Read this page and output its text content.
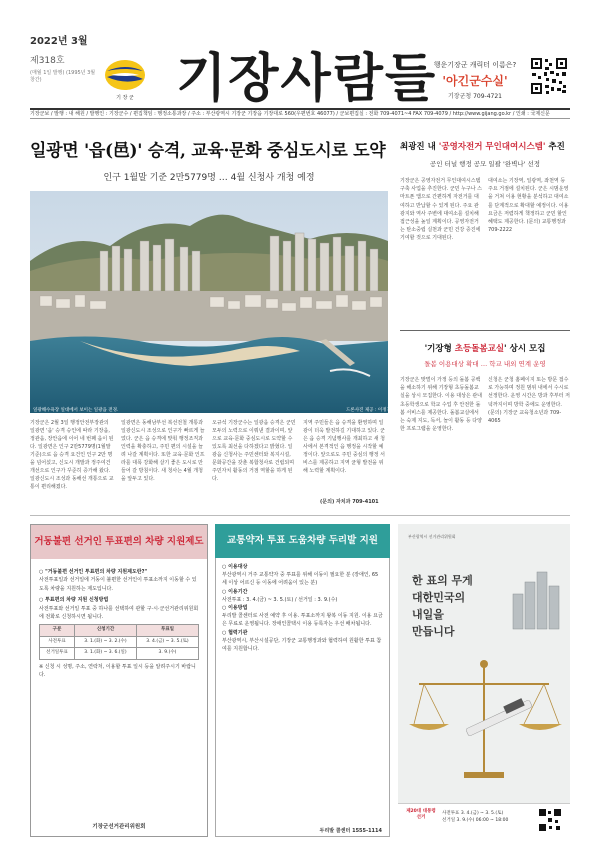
2022년 3월
제318호
(매월 1일 발행) (1995년 3월 창간)
기 장 군 기장사람들
행운기장군 캐릭터 이름은?
'아긴군수실'
기장군청 709-4721
기장군보 / 발행 : 내 해원 / 발행인 : 기장군수 / 편집책임 : 행정소통과장 / 주소 : 부산광역시 기장군 기장읍 기장대로 560(우편번호 46077) / 군보편집실 : 전화 709-4071~4 FAX 709-4079 / http://www.gijang.go.kr / 인쇄 : 국제신문
일광면 '읍(邑)' 승격, 교육·문화 중심도시로 도약
인구 1월말 기준 2만5779명 … 4월 신청사 개청 예정
일광해수욕장 일대에서 보이는 일광읍 전경.	드론사진 제공 : 이정기
기장군은 2월 3일 행정안전부장관의 일광면 '읍' 승격 승인에 따라 기장읍, 정관읍, 장안읍에 이어 네 번째 읍이 된다. 일광면은 인구 2만5779명(1월말 기준)으로 읍 승격 요건인 인구 2만 명을 넘어섰고, 신도시 개발과 정주여건 개선으로 인구가 꾸준히 증가해 왔다. 일광신도시 조성과 동해선 개통으로 교통이 편리해졌다.
일광면은 동해남부선 복선전철 개통과 일광신도시 조성으로 인구가 빠르게 늘었다. 군은 읍 승격에 맞춰 행정조직과 인력을 확충하고, 주민 편의 시설을 늘려 나갈 계획이다. 또한 교육·문화 인프라를 대폭 강화해 살기 좋은 도시로 만들어 갈 방침이다. 새 청사는 4월 개청을 앞두고 있다.
오규석 기장군수는 일광읍 승격은 군민 모두의 노력으로 이뤄낸 결과이며, 앞으로 교육·문화 중심도시로 도약할 수 있도록 최선을 다하겠다고 밝혔다. 일광읍 신청사는 주민센터와 복지시설, 문화공간을 갖춘 복합청사로 건립되며 주민자치 활동의 거점 역할을 하게 된다.
지역 주민들은 읍 승격을 환영하며 일광이 더욱 발전하길 기대하고 있다. 군은 읍 승격 기념행사를 개최하고 새 청사에서 본격적인 읍 행정을 시작할 예정이다. 앞으로도 주민 중심의 행정 서비스를 제공하고 지역 균형 발전을 위해 노력할 계획이다.
(문의) 자치과 709-4101
최광진 내 '공영자전거 무인대여시스템' 추진
공인 터널 행정 공모 일괄 '완벽나' 선정
기장군은 공영자전거 무인대여시스템 구축 사업을 추진한다. 군민 누구나 스마트폰 앱으로 간편하게 자전거를 대여하고 반납할 수 있게 된다. 주요 관광지와 역사 주변에 대여소를 설치해 접근성을 높일 계획이다. 공영자전거는 탄소중립 실천과 군민 건강 증진에 기여할 것으로 기대된다.
대여소는 기장역, 일광역, 좌천역 등 주요 거점에 설치된다. 군은 시범운영을 거쳐 이용 현황을 분석하고 대여소를 단계적으로 확대할 예정이다. 이용 요금은 저렴하게 책정하고 군민 할인 혜택도 제공한다. (문의) 교통행정과 709-2222
'기장형 초등돌봄교실' 상시 모집
돌봄 이용대상 확대 … 학교 내외 연계 운영
기장군은 맞벌이 가정 등의 돌봄 공백을 해소하기 위해 기장형 초등돌봄교실을 상시 모집한다. 이용 대상은 관내 초등학생으로 학교 수업 후 안전한 돌봄 서비스를 제공한다. 돌봄교실에서는 숙제 지도, 독서, 놀이 활동 등 다양한 프로그램을 운영한다.
신청은 군청 홈페이지 또는 방문 접수로 가능하며 정원 범위 내에서 수시로 선정한다. 운영 시간은 방과 후부터 저녁까지이며 방학 중에도 운영한다. (문의) 기장군 교육청소년과 709-4065
거동불편 선거인 투표편의 차량 지원제도
○ "거동불편 선거인 투표편의 차량 지원제도란?"
사전투표일과 선거일에 거동이 불편한 선거인이 투표소까지 이동할 수 있도록 차량을 지원하는 제도입니다.
○ 투표편의 차량 지원 신청방법
사전투표와 선거일 투표 중 하나를 선택하여 관할 구·시·군선거관리위원회에 전화로 신청하시면 됩니다.
구분	신청기간	투표일
사전투표	3. 1.(화) ~ 3. 2.(수)	3. 4.(금) ~ 3. 5.(토)
선거일투표	3. 1.(화) ~ 3. 6.(일)	3. 9.(수)
※ 신청 시 성명, 주소, 연락처, 이용할 투표 일시 등을 알려주시기 바랍니다.
기장군선거관리위원회
교통약자 투표 도움차량 두리발 지원
○ 이용대상
부산광역시 거주 교통약자 중 투표를 위해 이동이 필요한 분 (장애인, 65세 이상 어르신 등 이동에 어려움이 있는 분)
○ 이용기간
사전투표 : 3. 4.(금) ~ 3. 5.(토) / 선거일 : 3. 9.(수)
○ 이용방법
두리발 콜센터로 사전 예약 후 이용. 투표소까지 왕복 이동 지원. 이용 요금은 무료로 운영됩니다. 장애인콜택시 이용 등록자는 우선 배차됩니다.
○ 협력기관
부산광역시, 부산시설공단, 기장군 교통행정과와 협력하여 원활한 투표 참여를 지원합니다.
두리발 콜센터 1555-1114
부산광역시 선거관리위원회
한 표의 무게
대한민국의
내일을
만듭니다
제20대 대통령선거
사전투표 3. 4.(금) ~ 3. 5.(토)
선거일 3. 9.(수) 06:00 ~ 18:00
